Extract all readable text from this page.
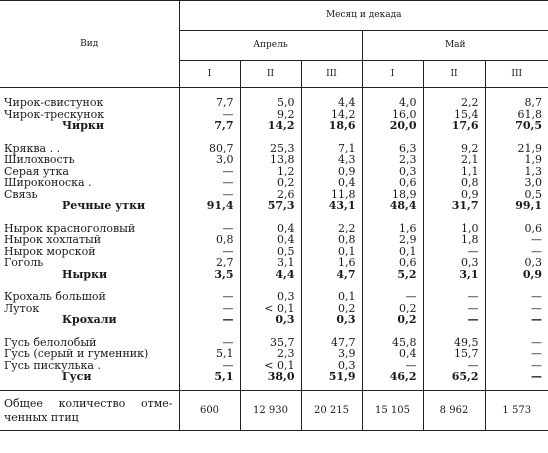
Вид	Месяц и декада					
	Апрель			Май		
	I	II	III	I	II	III

Чирок-свистунок	7,7	5,0	4,4	4,0	2,2	8,7
Чирок-трескунок	—	9,2	14,2	16,0	15,4	61,8
Чирки	7,7	14,2	18,6	20,0	17,6	70,5

Кряква . .	80,7	25,3	7,1	6,3	9,2	21,9
Шилохвость	3,0	13,8	4,3	2,3	2,1	1,9
Серая утка	—	1,2	0,9	0,3	1,1	1,3
Широконоска .	—	0,2	0,4	0,6	0,8	3,0
Связь	—	2,6	11,8	18,9	0,9	0,5
Речные утки	91,4	57,3	43,1	48,4	31,7	99,1

Нырок красноголовый	—	0,4	2,2	1,6	1,0	0,6
Нырок хохлатый	0,8	0,4	0,8	2,9	1,8	—
Нырок морской	—	0,5	0,1	0,1	—	—
Гоголь	2,7	3,1	1,6	0,6	0,3	0,3
Нырки	3,5	4,4	4,7	5,2	3,1	0,9

Крохаль большой	—	0,3	0,1	—	—	—
Луток	—	< 0,1	0,2	0,2	—	—
Крохали	—	0,3	0,3	0,2	—	—

Гусь белолобый	—	35,7	47,7	45,8	49,5	—
Гусь (серый и гуменник)	5,1	2,3	3,9	0,4	15,7	—
Гусь пискулька .	—	< 0,1	0,3	—	—	—
Гуси	5,1	38,0	51,9	46,2	65,2	—

Общее количество отме-
ченных птиц	600	12 930	20 215	15 105	8 962	1 573
